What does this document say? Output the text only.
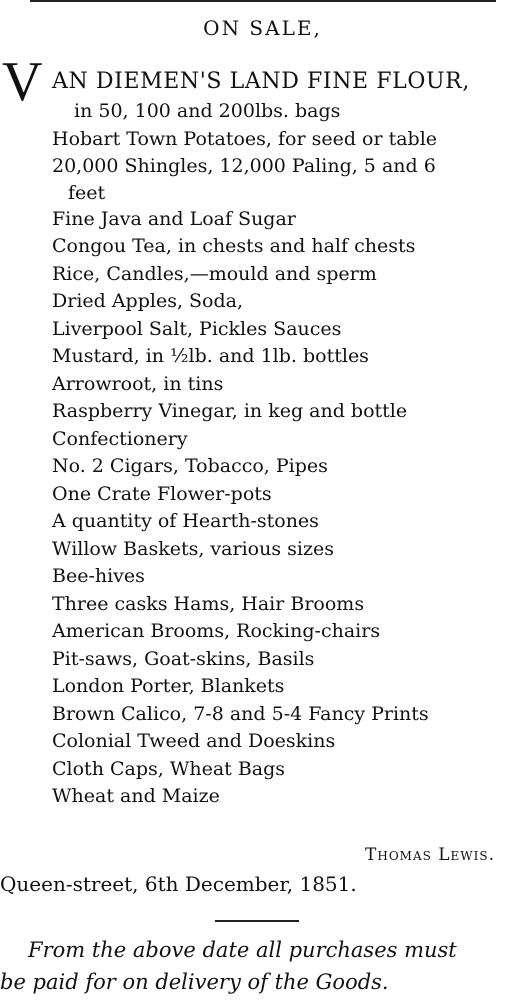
ON SALE,
V AN DIEMEN'S LAND FINE FLOUR,
in 50, 100 and 200lbs. bags
Hobart Town Potatoes, for seed or table
20,000 Shingles, 12,000 Paling, 5 and 6
feet
Fine Java and Loaf Sugar
Congou Tea, in chests and half chests
Rice, Candles,—mould and sperm
Dried Apples, Soda,
Liverpool Salt, Pickles Sauces
Mustard, in ½lb. and 1lb. bottles
Arrowroot, in tins
Raspberry Vinegar, in keg and bottle
Confectionery
No. 2 Cigars, Tobacco, Pipes
One Crate Flower-pots
A quantity of Hearth-stones
Willow Baskets, various sizes
Bee-hives
Three casks Hams, Hair Brooms
American Brooms, Rocking-chairs
Pit-saws, Goat-skins, Basils
London Porter, Blankets
Brown Calico, 7-8 and 5-4 Fancy Prints
Colonial Tweed and Doeskins
Cloth Caps, Wheat Bags
Wheat and Maize
Thomas Lewis.
Queen-street, 6th December, 1851.
From the above date all purchases must
be paid for on delivery of the Goods.
